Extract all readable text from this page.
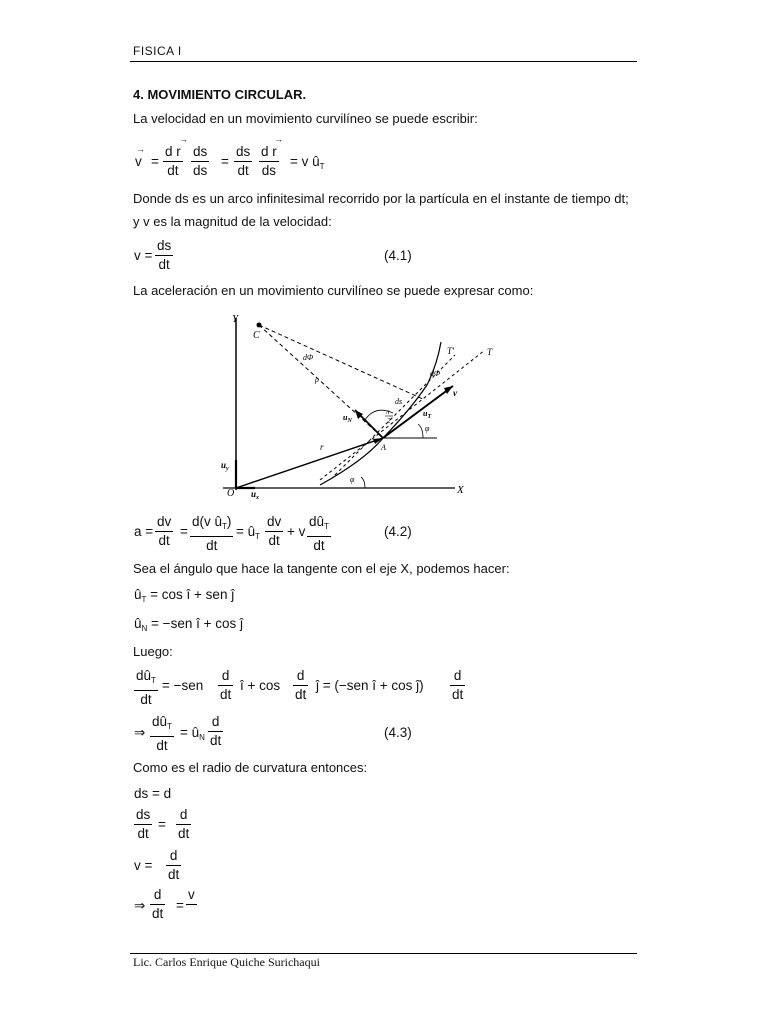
FISICA I
4. MOVIMIENTO CIRCULAR.
La velocidad en un movimiento curvilíneo se puede escribir:
→
v =
→
$\frac{\text{d r}}{dt} \frac{ds}{ds} = \frac{ds}{dt}$
→
$\frac{\text{d r}}{ds} = v$ $û_T$
Donde ds es un arco infinitesimal recorrido por la partícula en el instante de tiempo dt;
y v es la magnitud de la velocidad:
$v = \frac{ds}{dt}$	(4.1)
La aceleración en un movimiento curvilíneo se puede expresar como:
Y
X
O
$u_y$
$u_x$
r	A
C
dΦ
ρ
T
T′
v
$u_T$
dΦ
$u_N$
π
2
ds
φ
φ
$a = \frac{dv}{dt} = \frac{d(v û_T)}{dt}$ = $û_T \frac{dv}{dt} + v$
$dû_T$
dt
(4.2)
Sea el ángulo que hace la tangente con el eje X, podemos hacer:
$û_T = \cos$ î + sen ĵ
$û_N = -sen$ î + cos ĵ
Luego:
$dû_T$
dt
= $-sen \frac{d}{dt}$ î + $\cos \frac{d}{dt}$ ĵ = (−sen î + cos ĵ) $\frac{d}{dt}$
⇒
$dû_T$
dt
= $û_N \frac{d}{dt}$	(4.3)
Como es el radio de curvatura entonces:
ds = d
$\frac{ds}{dt} = \frac{d}{dt}$
$v = \frac{d}{dt}$
⇒ $\frac{d}{dt}$ =
v
Lic. Carlos Enrique Quiche Surichaqui
